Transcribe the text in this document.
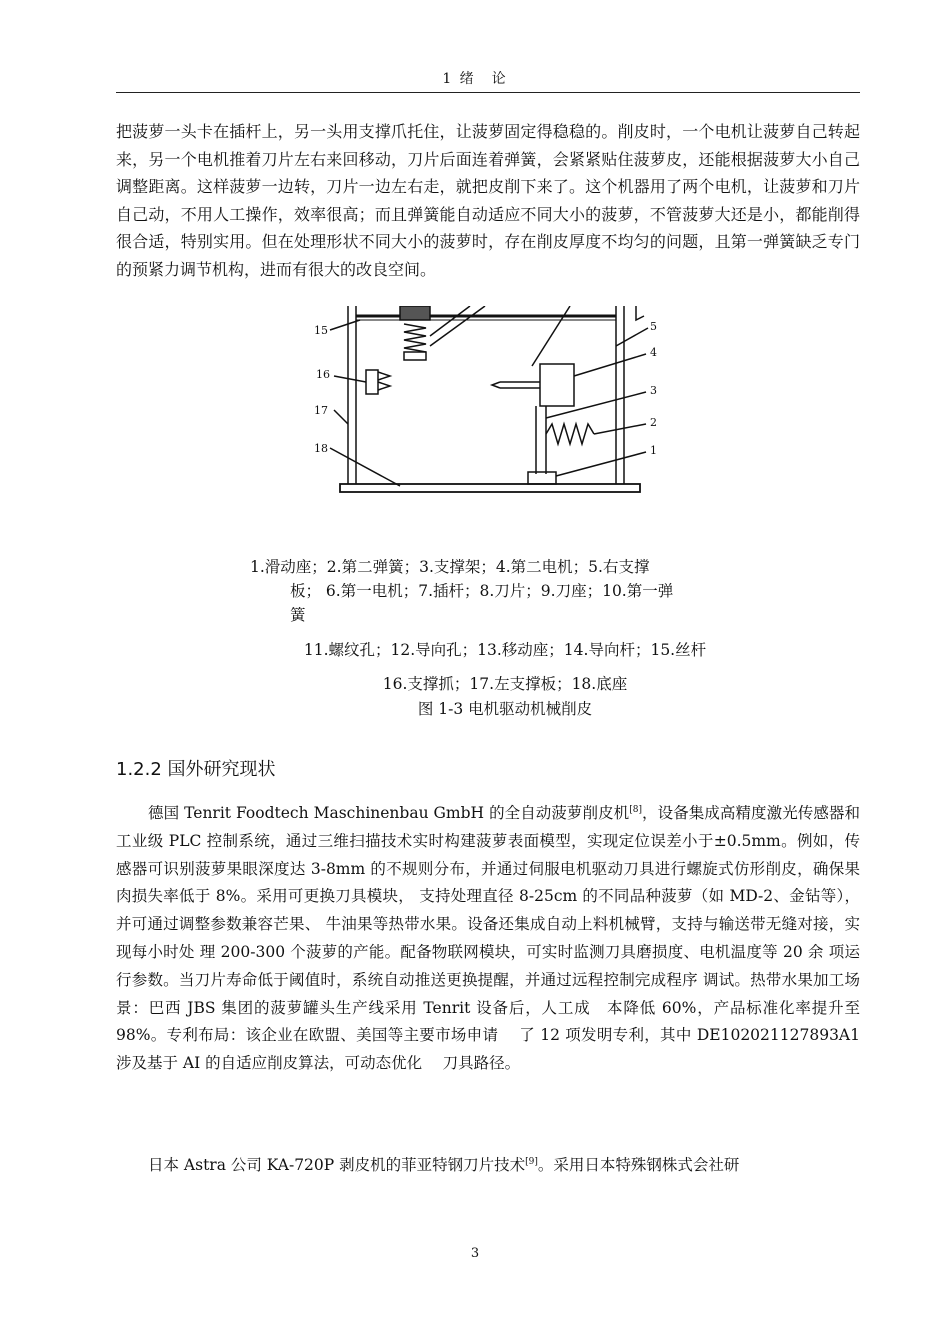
1 绪　论
把菠萝一头卡在插杆上，另一头用支撑爪托住，让菠萝固定得稳稳的。削皮时，一个电机让菠萝自己转起来，另一个电机推着刀片左右来回移动，刀片后面连着弹簧，会紧紧贴住菠萝皮，还能根据菠萝大小自己调整距离。这样菠萝一边转，刀片一边左右走，就把皮削下来了。这个机器用了两个电机，让菠萝和刀片自己动，不用人工操作，效率很高；而且弹簧能自动适应不同大小的菠萝，不管菠萝大还是小，都能削得很合适，特别实用。但在处理形状不同大小的菠萝时，存在削皮厚度不均匀的问题，且第一弹簧缺乏专门的预紧力调节机构，进而有很大的改良空间。
15
16
17
18
5
4
3
2
1
1.滑动座；2.第二弹簧；3.支撑架；4.第二电机；5.右支撑
板； 6.第一电机；7.插杆；8.刀片；9.刀座；10.第一弹
簧
11.螺纹孔；12.导向孔；13.移动座；14.导向杆；15.丝杆
16.支撑抓；17.左支撑板；18.底座
图 1-3 电机驱动机械削皮
1.2.2 国外研究现状
德国 Tenrit Foodtech Maschinenbau GmbH 的全自动菠萝削皮机[8]，设备集成高精度激光传感器和工业级 PLC 控制系统，通过三维扫描技术实时构建菠萝表面模型，实现定位误差小于±0.5mm。例如，传感器可识别菠萝果眼深度达 3-8mm 的不规则分布，并通过伺服电机驱动刀具进行螺旋式仿形削皮，确保果肉损失率低于 8%。采用可更换刀具模块， 支持处理直径 8-25cm 的不同品种菠萝（如 MD-2、金钻等），并可通过调整参数兼容芒果、 牛油果等热带水果。设备还集成自动上料机械臂，支持与输送带无缝对接，实现每小时处 理 200-300 个菠萝的产能。配备物联网模块，可实时监测刀具磨损度、电机温度等 20 余 项运行参数。当刀片寿命低于阈值时，系统自动推送更换提醒，并通过远程控制完成程序 调试。热带水果加工场景：巴西 JBS 集团的菠萝罐头生产线采用 Tenrit 设备后，人工成　本降低 60%，产品标准化率提升至 98%。专利布局：该企业在欧盟、美国等主要市场申请　 了 12 项发明专利，其中 DE102021127893A1 涉及基于 AI 的自适应削皮算法，可动态优化　 刀具路径。
日本 Astra 公司 KA-720P 剥皮机的菲亚特钢刀片技术[9]。采用日本特殊钢株式会社研
3
